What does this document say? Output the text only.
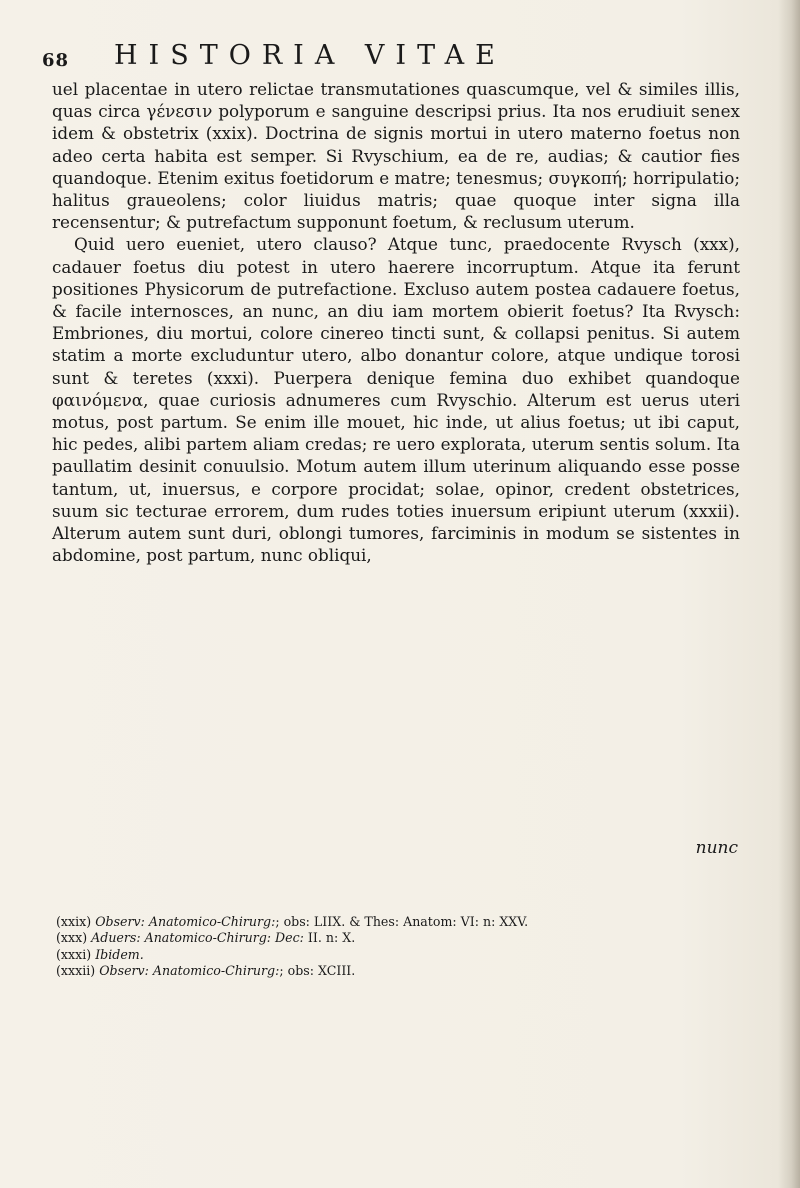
68 HISTORIA VITAE

uel placentae in utero relictae transmutationes quascumque, vel & similes illis, quas circa γένεσιν polyporum e sanguine descripsi prius. Ita nos erudiuit senex idem & obstetrix (xxix). Doctrina de signis mortui in utero materno foetus non adeo certa habita est semper. Si Rvyschium, ea de re, audias; & cautior fies quandoque. Etenim exitus foetidorum e matre; tenesmus; συγκοπή; horripulatio; halitus graueolens; color liuidus matris; quae quoque inter signa illa recensentur; & putrefactum supponunt foetum, & reclusum uterum.

Quid uero eueniet, utero clauso? Atque tunc, praedocente Rvysch (xxx), cadauer foetus diu potest in utero haerere incorruptum. Atque ita ferunt positiones Physicorum de putrefactione. Excluso autem postea cadauere foetus, & facile internosces, an nunc, an diu iam mortem obierit foetus? Ita Rvysch: Embriones, diu mortui, colore cinereo tincti sunt, & collapsi penitus. Si autem statim a morte excluduntur utero, albo donantur colore, atque undique torosi sunt & teretes (xxxi). Puerpera denique femina duo exhibet quandoque φαινόμενα, quae curiosis adnumeres cum Rvyschio. Alterum est uerus uteri motus, post partum. Se enim ille mouet, hic inde, ut alius foetus; ut ibi caput, hic pedes, alibi partem aliam credas; re uero explorata, uterum sentis solum. Ita paullatim desinit conuulsio. Motum autem illum uterinum aliquando esse posse tantum, ut, inuersus, e corpore procidat; solae, opinor, credent obstetrices, suum sic tecturae errorem, dum rudes toties inuersum eripiunt uterum (xxxii). Alterum autem sunt duri, oblongi tumores, farciminis in modum se sistentes in abdomine, post partum, nunc obliqui,

nunc

(xxix) Observ: Anatomico-Chirurg:; obs: LIIX. & Thes: Anatom: VI: n: XXV.

(xxx) Aduers: Anatomico-Chirurg: Dec: II. n: X.

(xxxi) Ibidem.

(xxxii) Observ: Anatomico-Chirurg:; obs: XCIII.
